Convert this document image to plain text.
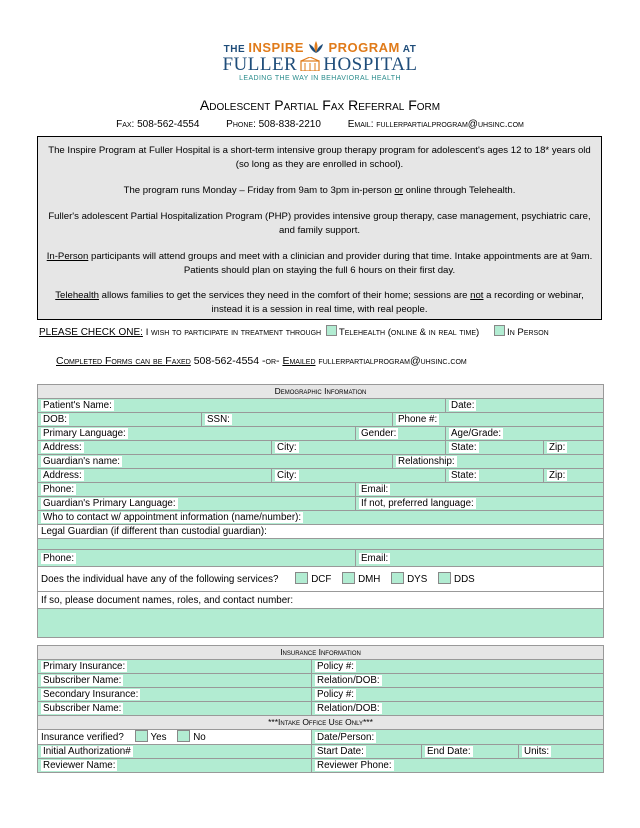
THE INSPIRE PROGRAM AT
FULLER HOSPITAL
LEADING THE WAY IN BEHAVIORAL HEALTH
Adolescent Partial Fax Referral Form
Fax: 508-562-4554	Phone: 508-838-2210	Email: fullerpartialprogram@uhsinc.com

The Inspire Program at Fuller Hospital is a short-term intensive group therapy program for adolescent's ages 12 to 18* years old (so long as they are enrolled in school).

The program runs Monday – Friday from 9am to 3pm in-person or online through Telehealth.

Fuller's adolescent Partial Hospitalization Program (PHP) provides intensive group therapy, case management, psychiatric care, and family support.

In-Person participants will attend groups and meet with a clinician and provider during that time. Intake appointments are at 9am. Patients should plan on staying the full 6 hours on their first day.

Telehealth allows families to get the services they need in the comfort of their home; sessions are not a recording or webinar, instead it is a session in real time, with real people.

PLEASE CHECK ONE: I wish to participate in treatment through Telehealth (online & in real time)	In Person
Completed Forms can be Faxed 508-562-4554 -or- Emailed fullerpartialprogram@uhsinc.com
Demographic Information						
Patient's Name:					Date:	
DOB:	SSN:			Phone #:		
Primary Language:			Gender:		Age/Grade:	
Address:		City:			State:	Zip:
Guardian's name:				Relationship:		
Address:		City:			State:	Zip:
Phone:			Email:			
Guardian's Primary Language:			If not, preferred language:			
Who to contact w/ appointment information (name/number):						
Legal Guardian (if different than custodial guardian):						

Phone:			Email:			
Does the individual have any of the following services? DCF DMH DYS DDS						
If so, please document names, roles, and contact number:						

Insurance Information			
Primary Insurance:	Policy #:		
Subscriber Name:	Relation/DOB:		
Secondary Insurance:	Policy #:		
Subscriber Name:	Relation/DOB:		
***Intake Office Use Only***			
Insurance verified? Yes No	Date/Person:		
Initial Authorization#	Start Date:	End Date:	Units:
Reviewer Name:	Reviewer Phone:		
